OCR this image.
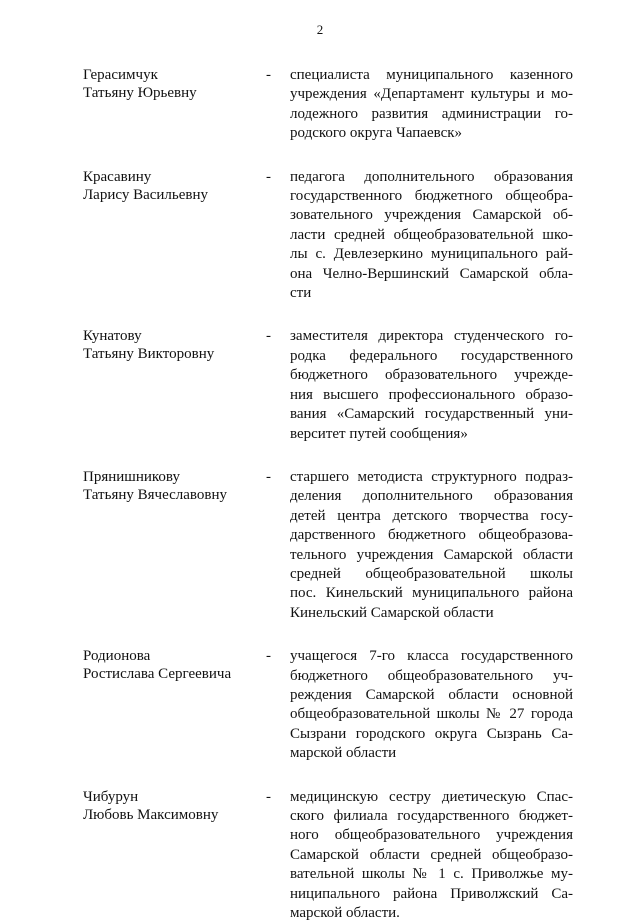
2
Герасимчук
Татьяну Юрьевну
-	специалиста муниципального казенного
учреждения «Департамент культуры и мо-
лодежного развития администрации го-
родского округа Чапаевск»
Красавину
Ларису Васильевну
-	педагога дополнительного образования
государственного бюджетного общеобра-
зовательного учреждения Самарской об-
ласти средней общеобразовательной шко-
лы с. Девлезеркино муниципального рай-
она Челно-Вершинский Самарской обла-
сти
Кунатову
Татьяну Викторовну
-	заместителя директора студенческого го-
родка федерального государственного
бюджетного образовательного учрежде-
ния высшего профессионального образо-
вания «Самарский государственный уни-
верситет путей сообщения»
Прянишникову
Татьяну Вячеславовну
-	старшего методиста структурного подраз-
деления дополнительного образования
детей центра детского творчества госу-
дарственного бюджетного общеобразова-
тельного учреждения Самарской области
средней общеобразовательной школы
пос. Кинельский муниципального района
Кинельский Самарской области
Родионова
Ростислава Сергеевича
-	учащегося 7-го класса государственного
бюджетного общеобразовательного уч-
реждения Самарской области основной
общеобразовательной школы № 27 города
Сызрани городского округа Сызрань Са-
марской области
Чибурун
Любовь Максимовну
-	медицинскую сестру диетическую Спас-
ского филиала государственного бюджет-
ного общеобразовательного учреждения
Самарской области средней общеобразо-
вательной школы № 1 с. Приволжье му-
ниципального района Приволжский Са-
марской области.
